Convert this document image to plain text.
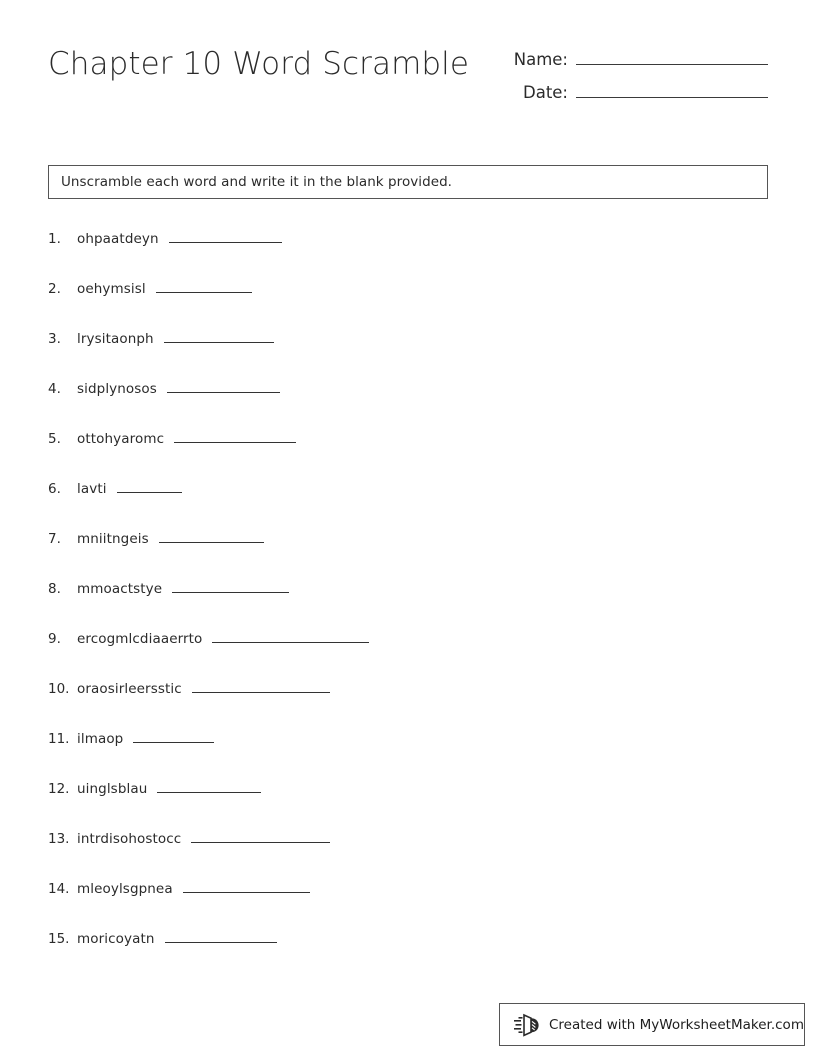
Chapter 10 Word Scramble	Name:
Date:
Unscramble each word and write it in the blank provided.
1.	ohpaatdeyn
2.	oehymsisl
3.	lrysitaonph
4.	sidplynosos
5.	ottohyaromc
6.	lavti
7.	mniitngeis
8.	mmoactstye
9.	ercogmlcdiaaerrto
10. oraosirleersstic
11. ilmaop
12. uinglsblau
13. intrdisohostocc
14. mleoylsgpnea
15. moricoyatn
Created with MyWorksheetMaker.com
